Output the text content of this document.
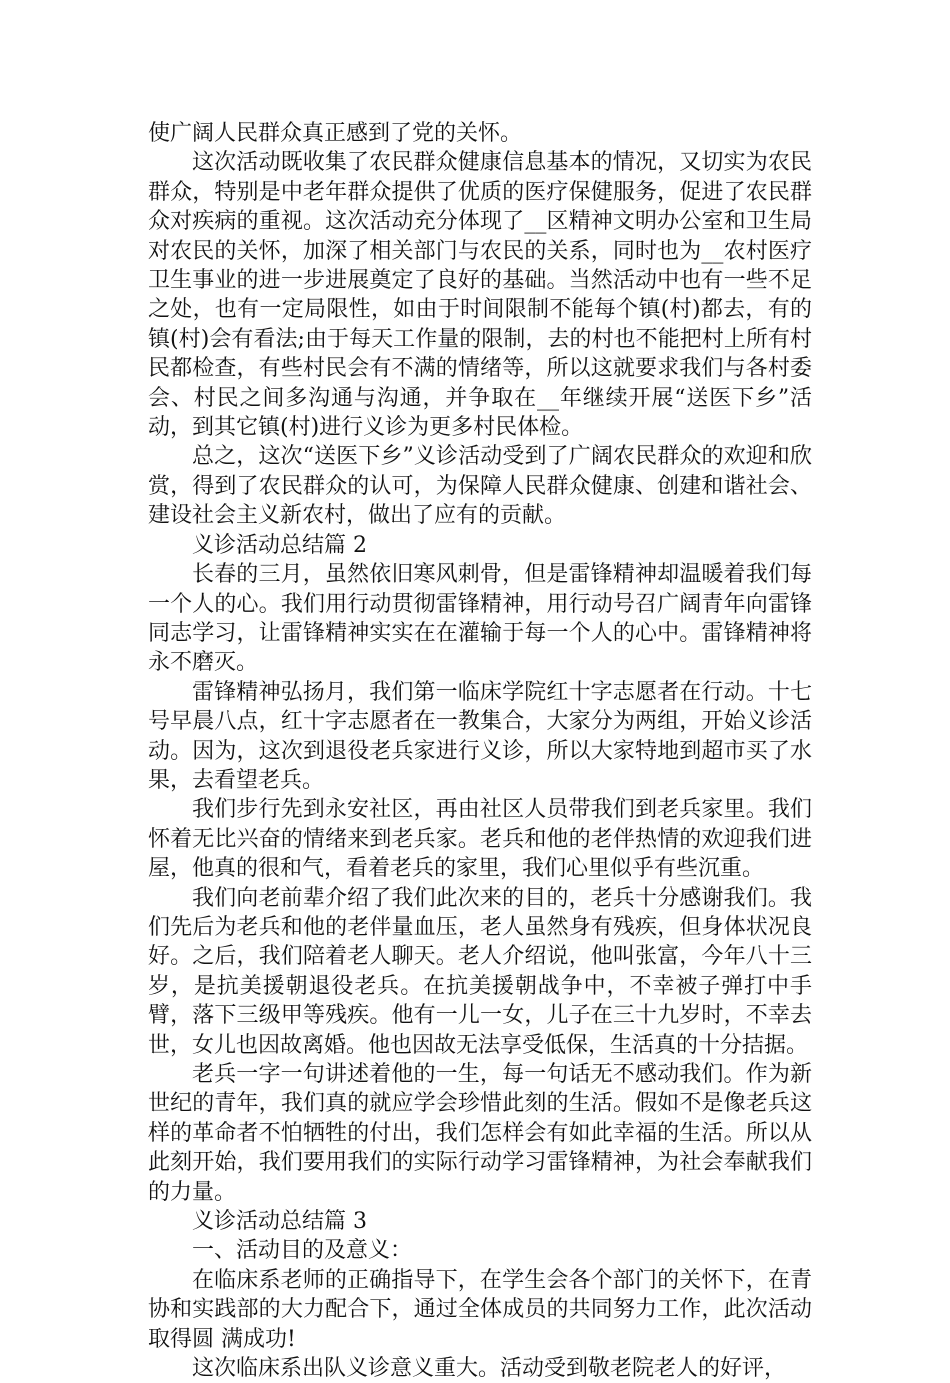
使广阔人民群众真正感到了党的关怀。

这次活动既收集了农民群众健康信息基本的情况，又切实为农民群众，特别是中老年群众提供了优质的医疗保健服务，促进了农民群众对疾病的重视。这次活动充分体现了__区精神文明办公室和卫生局对农民的关怀，加深了相关部门与农民的关系，同时也为__农村医疗卫生事业的进一步进展奠定了良好的基础。当然活动中也有一些不足之处，也有一定局限性，如由于时间限制不能每个镇(村)都去，有的镇(村)会有看法;由于每天工作量的限制，去的村也不能把村上所有村民都检查，有些村民会有不满的情绪等，所以这就要求我们与各村委会、村民之间多沟通与沟通，并争取在__年继续开展“送医下乡”活动，到其它镇(村)进行义诊为更多村民体检。

总之，这次“送医下乡”义诊活动受到了广阔农民群众的欢迎和欣赏，得到了农民群众的认可，为保障人民群众健康、创建和谐社会、建设社会主义新农村，做出了应有的贡献。

义诊活动总结篇 2

长春的三月，虽然依旧寒风刺骨，但是雷锋精神却温暖着我们每一个人的心。我们用行动贯彻雷锋精神，用行动号召广阔青年向雷锋同志学习，让雷锋精神实实在在灌输于每一个人的心中。雷锋精神将永不磨灭。

雷锋精神弘扬月，我们第一临床学院红十字志愿者在行动。十七号早晨八点，红十字志愿者在一教集合，大家分为两组，开始义诊活动。因为，这次到退役老兵家进行义诊，所以大家特地到超市买了水果，去看望老兵。

我们步行先到永安社区，再由社区人员带我们到老兵家里。我们怀着无比兴奋的情绪来到老兵家。老兵和他的老伴热情的欢迎我们进屋，他真的很和气，看着老兵的家里，我们心里似乎有些沉重。

我们向老前辈介绍了我们此次来的目的，老兵十分感谢我们。我们先后为老兵和他的老伴量血压，老人虽然身有残疾，但身体状况良好。之后，我们陪着老人聊天。老人介绍说，他叫张富，今年八十三岁，是抗美援朝退役老兵。在抗美援朝战争中，不幸被子弹打中手臂，落下三级甲等残疾。他有一儿一女，儿子在三十九岁时，不幸去世，女儿也因故离婚。他也因故无法享受低保，生活真的十分拮据。

老兵一字一句讲述着他的一生，每一句话无不感动我们。作为新世纪的青年，我们真的就应学会珍惜此刻的生活。假如不是像老兵这样的革命者不怕牺牲的付出，我们怎样会有如此幸福的生活。所以从此刻开始，我们要用我们的实际行动学习雷锋精神，为社会奉献我们的力量。

义诊活动总结篇 3

一、活动目的及意义：

在临床系老师的正确指导下，在学生会各个部门的关怀下，在青协和实践部的大力配合下，通过全体成员的共同努力工作，此次活动取得圆 满成功!

这次临床系出队义诊意义重大。活动受到敬老院老人的好评，
